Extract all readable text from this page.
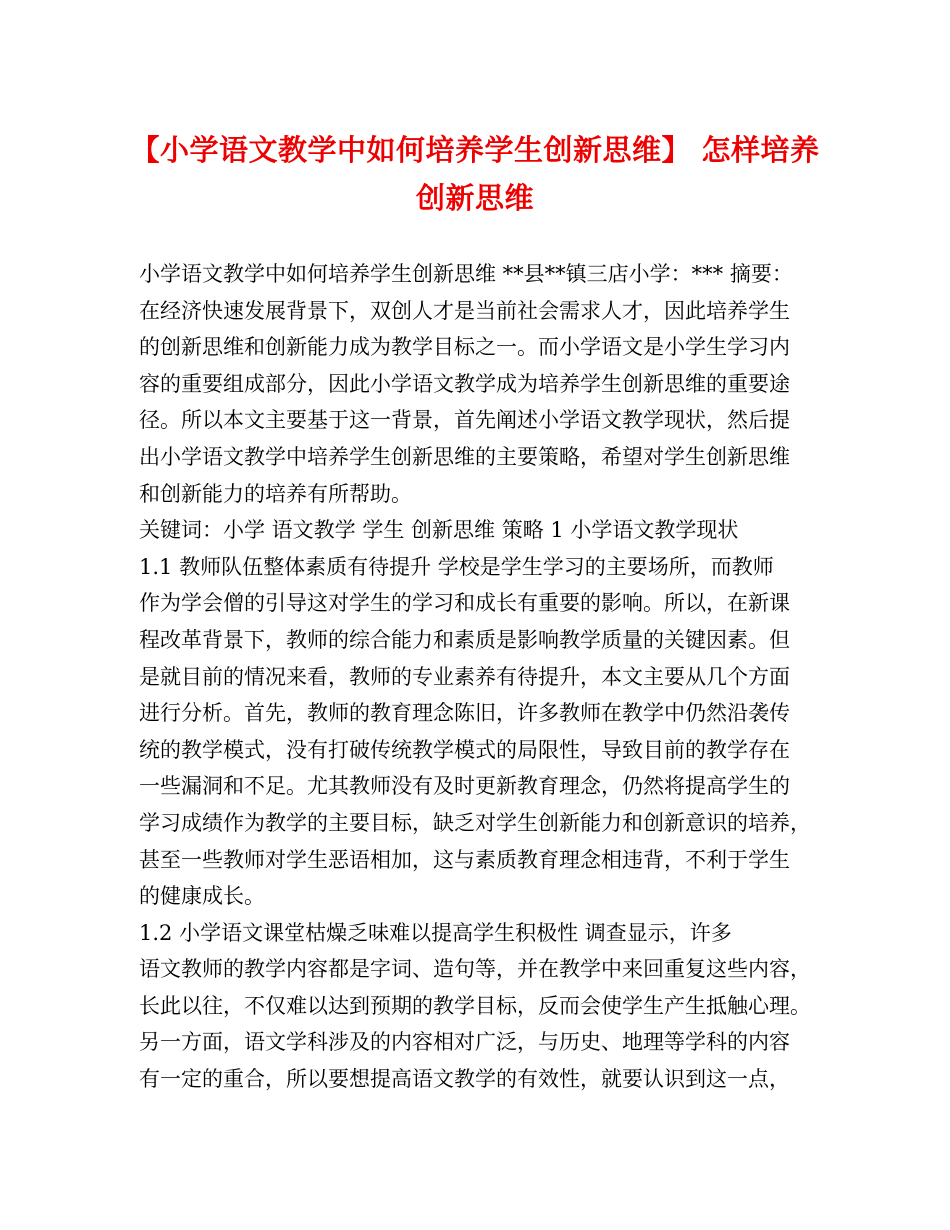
【小学语文教学中如何培养学生创新思维】 怎样培养
创新思维
小学语文教学中如何培养学生创新思维 **县**镇三店小学：*** 摘要：
在经济快速发展背景下，双创人才是当前社会需求人才，因此培养学生
的创新思维和创新能力成为教学目标之一。而小学语文是小学生学习内
容的重要组成部分，因此小学语文教学成为培养学生创新思维的重要途
径。所以本文主要基于这一背景，首先阐述小学语文教学现状，然后提
出小学语文教学中培养学生创新思维的主要策略，希望对学生创新思维
和创新能力的培养有所帮助。
关键词：小学 语文教学 学生 创新思维 策略 1 小学语文教学现状
1.1 教师队伍整体素质有待提升 学校是学生学习的主要场所，而教师
作为学会僧的引导这对学生的学习和成长有重要的影响。所以，在新课
程改革背景下，教师的综合能力和素质是影响教学质量的关键因素。但
是就目前的情况来看，教师的专业素养有待提升，本文主要从几个方面
进行分析。首先，教师的教育理念陈旧，许多教师在教学中仍然沿袭传
统的教学模式，没有打破传统教学模式的局限性，导致目前的教学存在
一些漏洞和不足。尤其教师没有及时更新教育理念，仍然将提高学生的
学习成绩作为教学的主要目标，缺乏对学生创新能力和创新意识的培养，
甚至一些教师对学生恶语相加，这与素质教育理念相违背，不利于学生
的健康成长。
1.2 小学语文课堂枯燥乏味难以提高学生积极性 调查显示，许多
语文教师的教学内容都是字词、造句等，并在教学中来回重复这些内容，
长此以往，不仅难以达到预期的教学目标，反而会使学生产生抵触心理。
另一方面，语文学科涉及的内容相对广泛，与历史、地理等学科的内容
有一定的重合，所以要想提高语文教学的有效性，就要认识到这一点，
